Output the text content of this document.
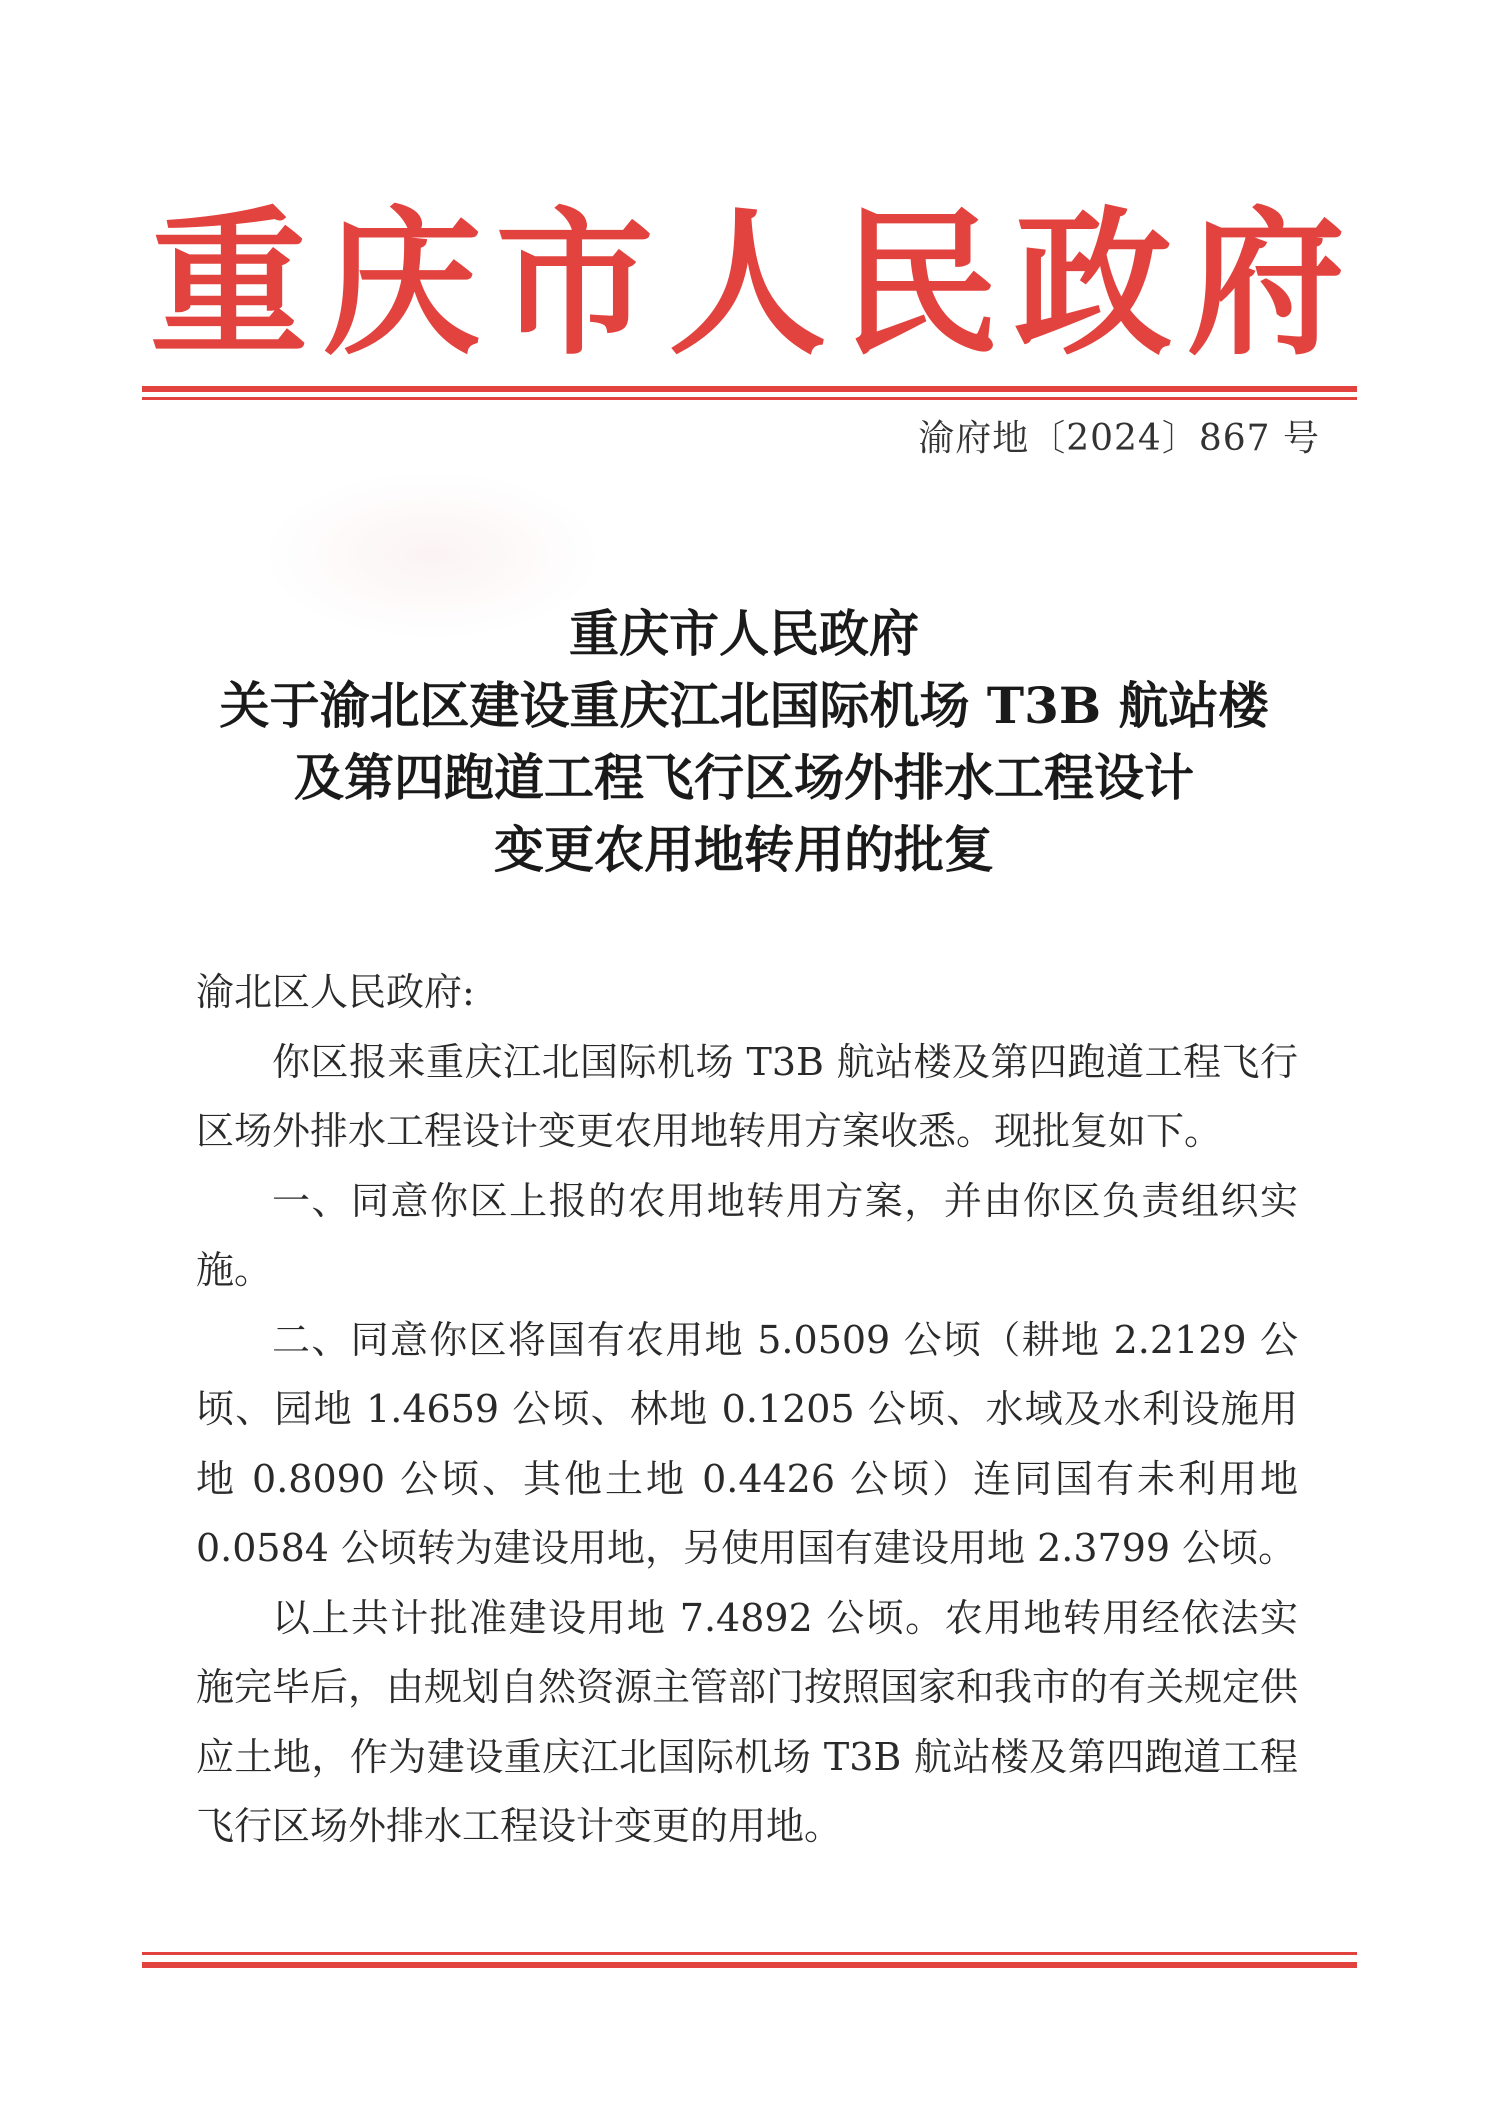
重 庆 市 人 民 政 府
渝府地〔2024〕867 号
重庆市人民政府
关于渝北区建设重庆江北国际机场 T3B 航站楼
及第四跑道工程飞行区场外排水工程设计
变更农用地转用的批复

渝北区人民政府:

你区报来重庆江北国际机场 T3B 航站楼及第四跑道工程飞行区场外排水工程设计变更农用地转用方案收悉。现批复如下。

一、同意你区上报的农用地转用方案，并由你区负责组织实施。

二、同意你区将国有农用地 5.0509 公顷（耕地 2.2129 公顷、园地 1.4659 公顷、林地 0.1205 公顷、水域及水利设施用地 0.8090 公顷、其他土地 0.4426 公顷）连同国有未利用地 0.0584 公顷转为建设用地，另使用国有建设用地 2.3799 公顷。

以上共计批准建设用地 7.4892 公顷。农用地转用经依法实施完毕后，由规划自然资源主管部门按照国家和我市的有关规定供应土地，作为建设重庆江北国际机场 T3B 航站楼及第四跑道工程飞行区场外排水工程设计变更的用地。
